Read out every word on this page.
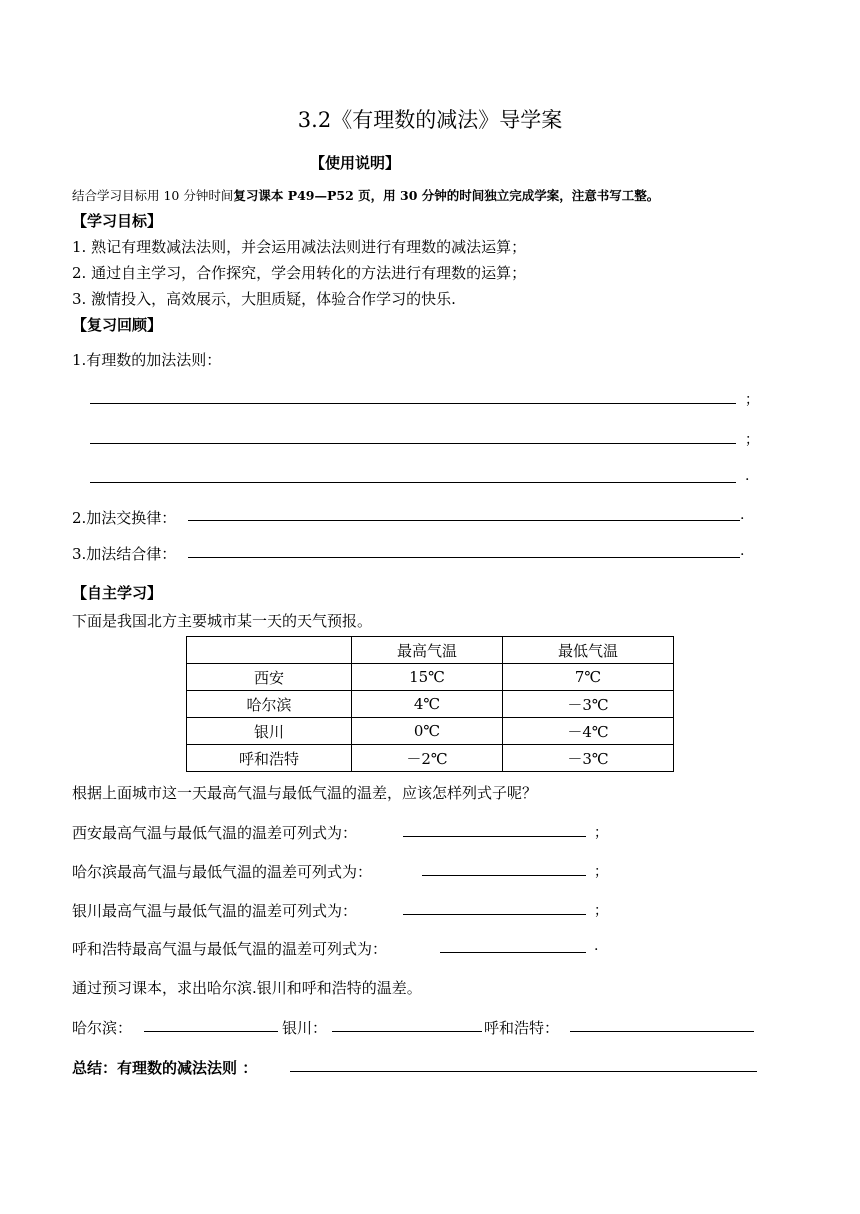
3.2《有理数的减法》导学案
【使用说明】
结合学习目标用 10 分钟时间复习课本 P49—P52 页，用 30 分钟的时间独立完成学案，注意书写工整。
【学习目标】
1. 熟记有理数减法法则，并会运用减法法则进行有理数的减法运算；
2. 通过自主学习，合作探究，学会用转化的方法进行有理数的运算；
3. 激情投入，高效展示，大胆质疑，体验合作学习的快乐.
【复习回顾】
1.有理数的加法法则：
；
；
.
2.加法交换律：	.
3.加法结合律：	.
【自主学习】
下面是我国北方主要城市某一天的天气预报。
	最高气温	最低气温
西安	15℃	7℃
哈尔滨	4℃	－3℃
银川	0℃	－4℃
呼和浩特	－2℃	－3℃
根据上面城市这一天最高气温与最低气温的温差，应该怎样列式子呢？
西安最高气温与最低气温的温差可列式为：	；
哈尔滨最高气温与最低气温的温差可列式为：	；
银川最高气温与最低气温的温差可列式为：	；
呼和浩特最高气温与最低气温的温差可列式为：	.
通过预习课本，求出哈尔滨.银川和呼和浩特的温差。
哈尔滨：	银川：	呼和浩特：
总结：有理数的减法法则 ：
